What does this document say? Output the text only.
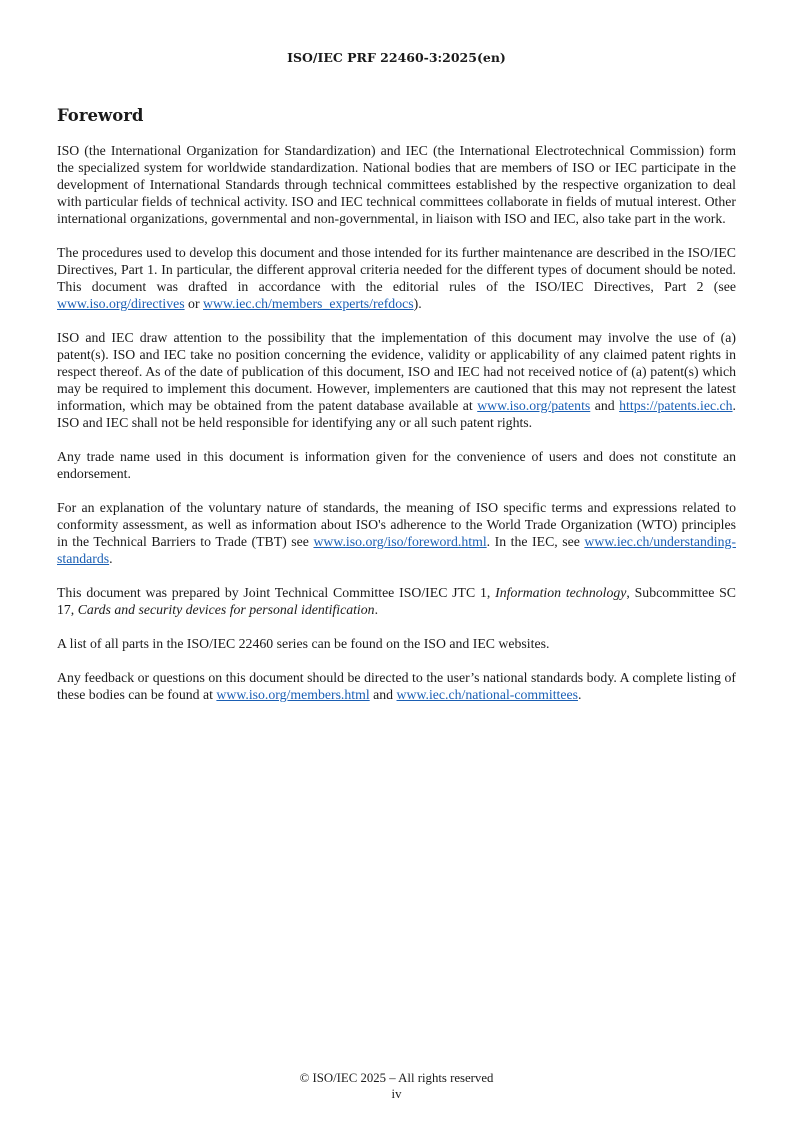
ISO/IEC PRF 22460-3:2025(en)
Foreword

ISO (the International Organization for Standardization) and IEC (the International Electrotechnical Commission) form the specialized system for worldwide standardization. National bodies that are members of ISO or IEC participate in the development of International Standards through technical committees established by the respective organization to deal with particular fields of technical activity. ISO and IEC technical committees collaborate in fields of mutual interest. Other international organizations, governmental and non-governmental, in liaison with ISO and IEC, also take part in the work.

The procedures used to develop this document and those intended for its further maintenance are described in the ISO/IEC Directives, Part 1. In particular, the different approval criteria needed for the different types of document should be noted. This document was drafted in accordance with the editorial rules of the ISO/IEC Directives, Part 2 (see www.iso.org/directives or www.iec.ch/members_experts/refdocs).

ISO and IEC draw attention to the possibility that the implementation of this document may involve the use of (a) patent(s). ISO and IEC take no position concerning the evidence, validity or applicability of any claimed patent rights in respect thereof. As of the date of publication of this document, ISO and IEC had not received notice of (a) patent(s) which may be required to implement this document. However, implementers are cautioned that this may not represent the latest information, which may be obtained from the patent database available at www.iso.org/patents and https://patents.iec.ch. ISO and IEC shall not be held responsible for identifying any or all such patent rights.

Any trade name used in this document is information given for the convenience of users and does not constitute an endorsement.

For an explanation of the voluntary nature of standards, the meaning of ISO specific terms and expressions related to conformity assessment, as well as information about ISO's adherence to the World Trade Organization (WTO) principles in the Technical Barriers to Trade (TBT) see www.iso.org/iso/foreword.html. In the IEC, see www.iec.ch/understanding-standards.

This document was prepared by Joint Technical Committee ISO/IEC JTC 1, Information technology, Subcommittee SC 17, Cards and security devices for personal identification.

A list of all parts in the ISO/IEC 22460 series can be found on the ISO and IEC websites.

Any feedback or questions on this document should be directed to the user’s national standards body. A complete listing of these bodies can be found at www.iso.org/members.html and www.iec.ch/national-committees.

© ISO/IEC 2025 – All rights reserved
iv
